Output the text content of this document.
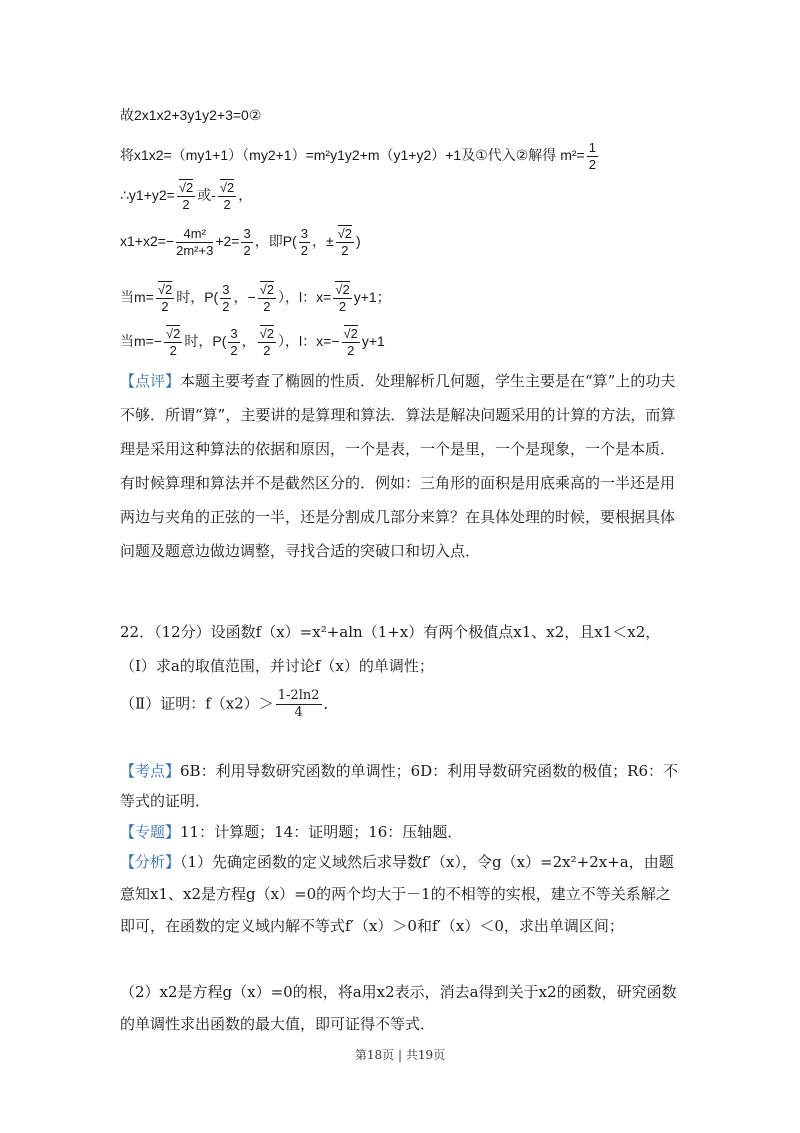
故2x1x2+3y1y2+3=0②
将x1x2=（my1+1）（my2+1）=m²y1y2+m（y1+y2）+1及①代入②解得 $m^2= \frac{1}{2}$
∴y1+y2= √ $\frac{2}{2}$ 或- √ $\frac{2}{2}$ ，
$x1+x2=- \frac{\text{4m²}}{\text{2m²+3}} +2= \frac{3}{2}$ ，即$P( \frac{3}{2}$ ，± √ $\frac{2}{2}$ )
当m= √ $\frac{2}{2}$ 时，$P( \frac{3}{2}$ ，− √ $\frac{2}{2}$ ），l：x= √ $\frac{2}{2} y+1$；
当m=− √ $\frac{2}{2}$ 时，$P( \frac{3}{2}$ ， √ $\frac{2}{2}$ ），l：x=− √ $\frac{2}{2} y+1$
【点评】本题主要考查了椭圆的性质．处理解析几何题，学生主要是在“算”上的功夫不够．所谓“算”，主要讲的是算理和算法．算法是解决问题采用的计算的方法，而算理是采用这种算法的依据和原因，一个是表，一个是里，一个是现象，一个是本质．有时候算理和算法并不是截然区分的．例如：三角形的面积是用底乘高的一半还是用两边与夹角的正弦的一半，还是分割成几部分来算？在具体处理的时候，要根据具体问题及题意边做边调整，寻找合适的突破口和切入点．
22．（12分）设函数f（x）=x²+aln（1+x）有两个极值点x1、x2，且x1＜x2，
（Ⅰ）求a的取值范围，并讨论f（x）的单调性；
（Ⅱ）证明：$f(x2)> \frac{1-2\ln 2}{4}$ ．
【考点】6B：利用导数研究函数的单调性；6D：利用导数研究函数的极值；R6：不等式的证明．
【专题】11：计算题；14：证明题；16：压轴题．
【分析】（1）先确定函数的定义域然后求导数f′（x），令g（x）=2x²+2x+a，由题意知x1、x2是方程g（x）=0的两个均大于－1的不相等的实根，建立不等关系解之即可，在函数的定义域内解不等式f′（x）＞0和f′（x）＜0，求出单调区间；
（2）x2是方程g（x）=0的根，将a用x2表示，消去a得到关于x2的函数，研究函数的单调性求出函数的最大值，即可证得不等式．
第18页 | 共19页
